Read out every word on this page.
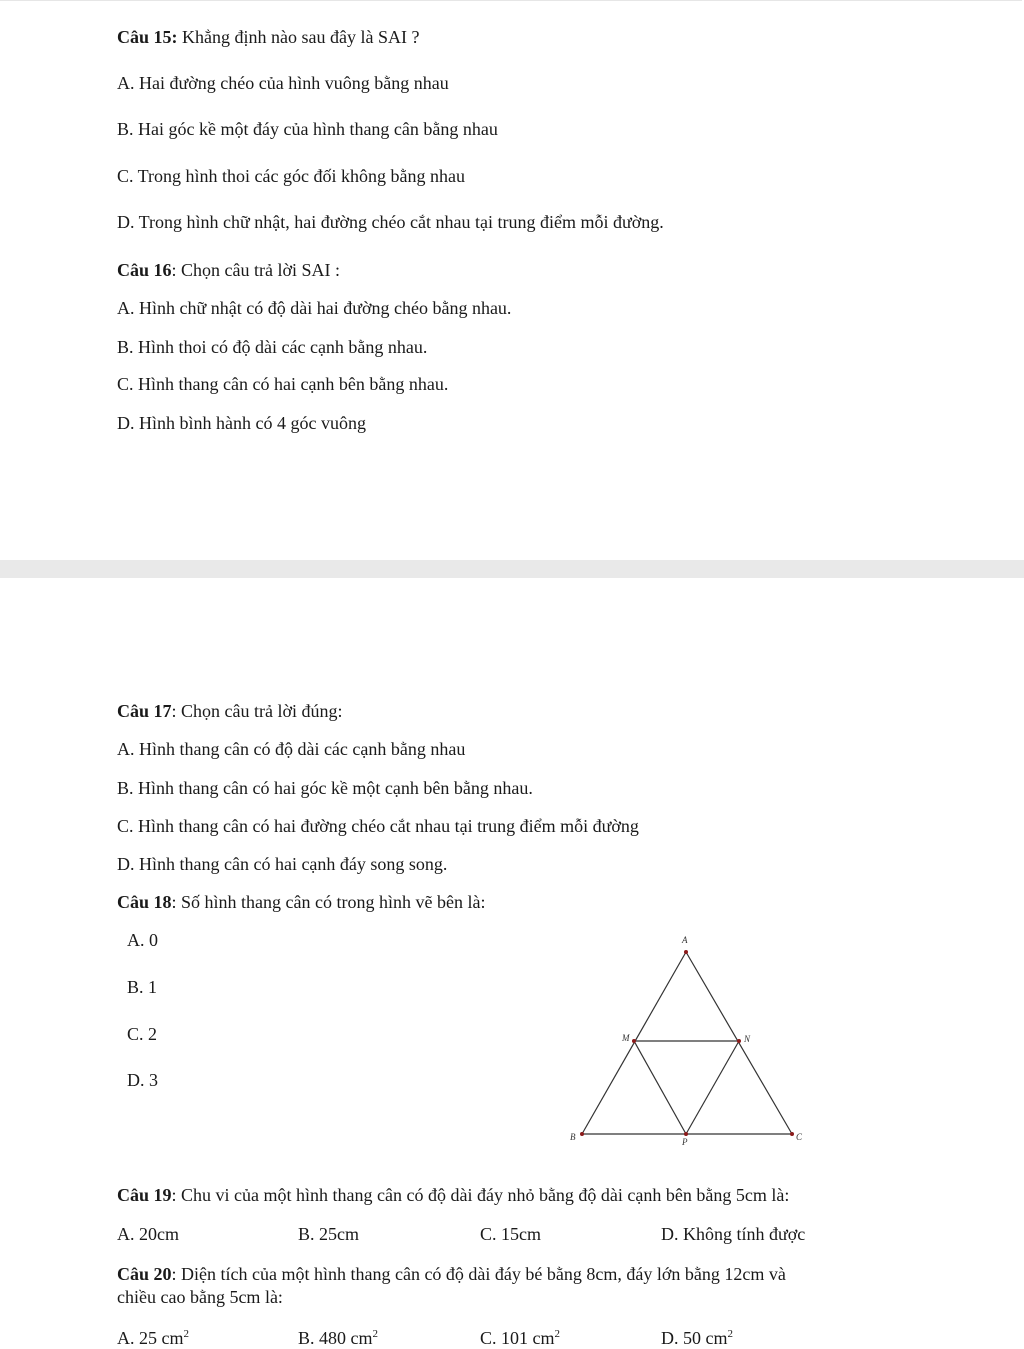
Câu 15: Khẳng định nào sau đây là SAI ?
A. Hai đường chéo của hình vuông bằng nhau
B. Hai góc kề một đáy của hình thang cân bằng nhau
C. Trong hình thoi các góc đối không bằng nhau
D. Trong hình chữ nhật, hai đường chéo cắt nhau tại trung điểm mỗi đường.
Câu 16: Chọn câu trả lời SAI :
A. Hình chữ nhật có độ dài hai đường chéo bằng nhau.
B. Hình thoi có độ dài các cạnh bằng nhau.
C. Hình thang cân có hai cạnh bên bằng nhau.
D. Hình bình hành có 4 góc vuông
Câu 17: Chọn câu trả lời đúng:
A. Hình thang cân có độ dài các cạnh bằng nhau
B. Hình thang cân có hai góc kề một cạnh bên bằng nhau.
C. Hình thang cân có hai đường chéo cắt nhau tại trung điểm mỗi đường
D. Hình thang cân có hai cạnh đáy song song.
Câu 18: Số hình thang cân có trong hình vẽ bên là:
A. 0
B. 1
C. 2
D. 3
A
M	N
B	P	C
Câu 19: Chu vi của một hình thang cân có độ dài đáy nhỏ bằng độ dài cạnh bên bằng 5cm là:
A. 20cm	B. 25cm	C. 15cm	D. Không tính được
Câu 20: Diện tích của một hình thang cân có độ dài đáy bé bằng 8cm, đáy lớn bằng 12cm và
chiều cao bằng 5cm là:
A. 25 $cm^2$	B. 480 $cm^2$	C. 101 $cm^2$	D. 50 $cm^2$
